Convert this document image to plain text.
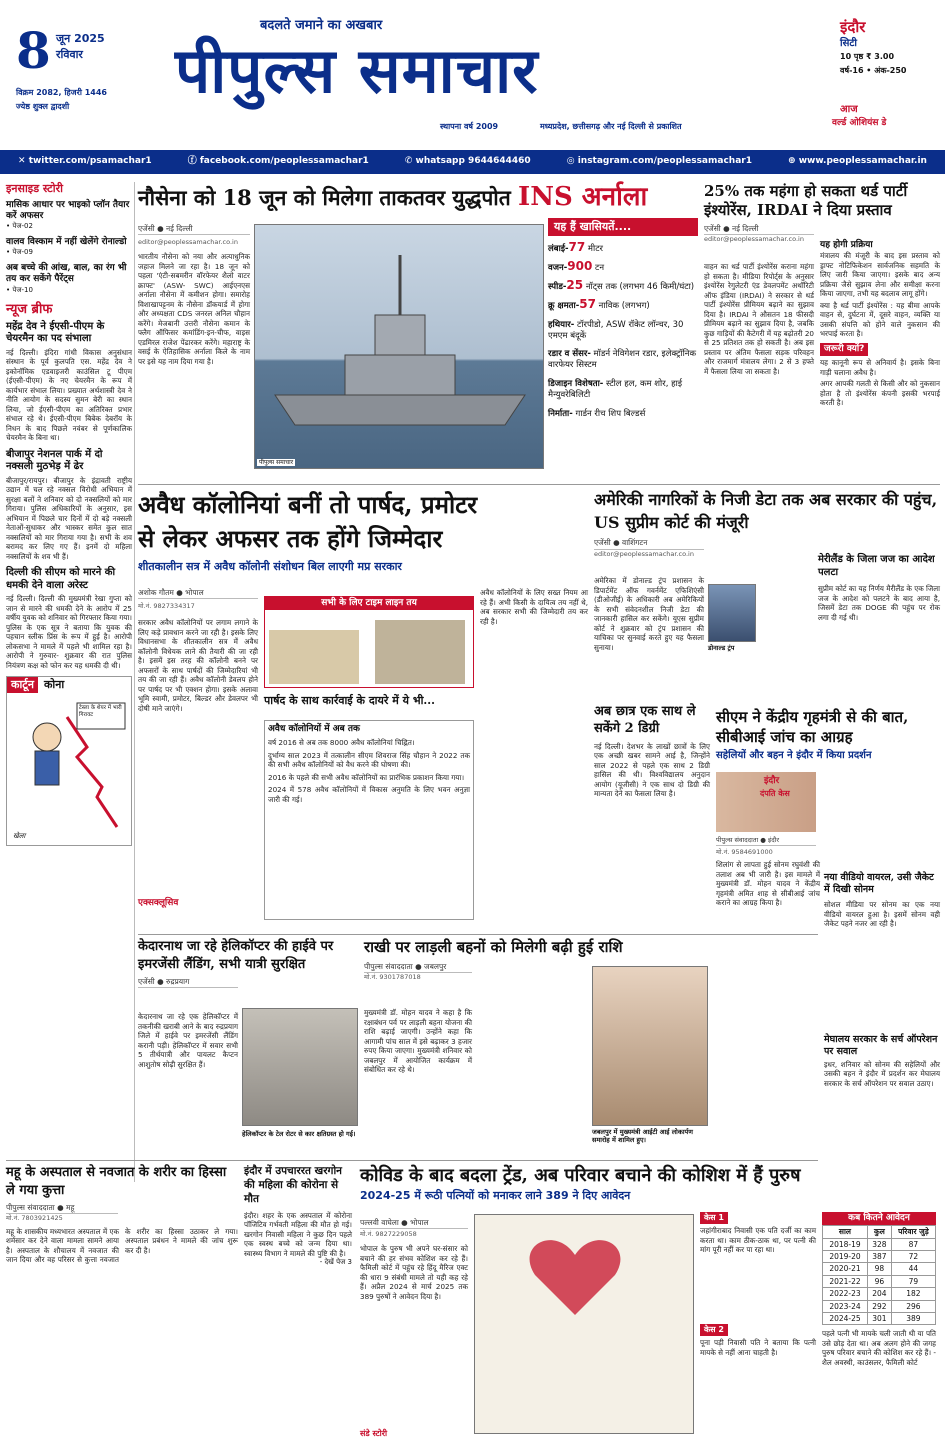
8 जून 2025
रविवार
विक्रम 2082, हिजरी 1446
ज्येष्ठ शुक्ल द्वादशी
बदलते जमाने का अखबार
पीपुल्स समाचार
स्थापना वर्ष 2009	मध्यप्रदेश, छत्तीसगढ़ और नई दिल्ली से प्रकाशित
इंदौर
सिटी
10 पृष्ठ ₹ 3.00
वर्ष-16 • अंक-250
आज
वर्ल्ड ओशियंस डे
✕ twitter.com/psamachar1	ⓕ facebook.com/peoplessamachar1	✆ whatsapp 9644644460	◎ instagram.com/peoplessamachar1	⊕ www.peoplessamachar.in
इनसाइड स्टोरी
मासिक आधार पर भाइको प्लॉन तैयार करें अफसर
• पेज-02
वालव विस्काम में नहीं खेलेंगे रोनाल्डो
• पेज-09
अब बच्चे की आंख, बाल, का रंग भी तय कर सकेंगे पैरेंट्स
• पेज-10
न्यूज ब्रीफ
महेंद्र देव ने ईएसी-पीएम के चेयरमैन का पद संभाला

नई दिल्ली। इंदिरा गांधी विकास अनुसंधान संस्थान के पूर्व कुलपति एस. महेंद्र देव ने इकोनॉमिक एडवाइजरी काउंसिल टू पीएम (ईएसी-पीएम) के नए चेयरमैन के रूप में कार्यभार संभाल लिया। प्रख्यात अर्थशास्त्री देव ने नीति आयोग के सदस्य सुमन बेरी का स्थान लिया, जो ईएसी-पीएम का अतिरिक्त प्रभार संभाल रहे थे। ईएसी-पीएम बिबेक देबरॉय के निधन के बाद पिछले नवंबर से पूर्णकालिक चेयरमैन के बिना था।

बीजापुर नेशनल पार्क में दो नक्सली मुठभेड़ में ढेर

बीजापुर/रायपुर। बीजापुर के इंद्रावती राष्ट्रीय उद्यान में चल रहे नक्सल विरोधी अभियान में सुरक्षा बलों ने शनिवार को दो नक्सलियों को मार गिराया। पुलिस अधिकारियों के अनुसार, इस अभियान में पिछले चार दिनों में दो बड़े नक्सली नेताओं-सुधाकर और भास्कर समेत कुल सात नक्सलियों को मार गिराया गया है। सभी के शव बरामद कर लिए गए हैं। इनमें दो महिला नक्सलियों के शव भी हैं।

दिल्ली की सीएम को मारने की धमकी देने वाला अरेस्ट

नई दिल्ली। दिल्ली की मुख्यमंत्री रेखा गुप्ता को जान से मारने की धमकी देने के आरोप में 25 वर्षीय युवक को शनिवार को गिरफ्तार किया गया। पुलिस के एक सूत्र ने बताया कि युवक की पहचान स्लीक प्रिंस के रूप में हुई है। आरोपी लोकसभा ने मामले में पहले भी शामिल रहा है। आरोपी ने गुरुवार- शुक्रवार की रात पुलिस नियंत्रण कक्ष को फोन कर यह धमकी दी थी।

कार्टून कोना
टेस्ला के शेयर में भारी गिरावट
खेला
नौसेना को 18 जून को मिलेगा ताकतवर युद्धपोत INS अर्नाला
एजेंसी ● नई दिल्ली
editor@peoplessamachar.co.in

भारतीय नौसेना को नया और अत्याधुनिक जहाज मिलने जा रहा है। 18 जून को पहला 'एंटी-सबमरीन वॉरफेयर शैलो वाटर क्राफ्ट' (ASW- SWC) आईएनएस अर्नाला नौसेना में कमीशन होगा। समारोह विशाखापट्टनम के नौसेना डॉकयार्ड में होगा और अध्यक्षता CDS जनरल अनिल चौहान करेंगे। मेजबानी उत्तरी नौसेना कमान के फ्लैग ऑफिसर कमांडिंग-इन-चीफ, वाइस एडमिरल राजेश पेंढारकर करेंगे। महाराष्ट्र के वसई के ऐतिहासिक अर्नाला किले के नाम पर इसे यह नाम दिया गया है।

पीपुल्स समाचार
यह हैं खासियतें....
लंबाई-77 मीटर
वजन-900 टन
स्पीड-25 नॉट्स तक (लगभग 46 किमी/घंटा)
क्रू क्षमता-57 नाविक (लगभग)
हथियार- टॉरपीडो, ASW रॉकेट लॉन्चर, 30 एमएम बंदूकें
रडार व सेंसर- मॉडर्न नेविगेशन रडार, इलेक्ट्रॉनिक वारफेयर सिस्टम
डिजाइन विशेषता- स्टील हल, कम शोर, हाई मैन्युवरेबिलिटी
निर्माता- गार्डन रीच शिप बिल्डर्स
25% तक महंगा हो सकता थर्ड पार्टी इंश्योरेंस, IRDAI ने दिया प्रस्ताव
एजेंसी ● नई दिल्ली
editor@peoplessamachar.co.in

वाहन का थर्ड पार्टी इंश्योरेंस कराना महंगा हो सकता है। मीडिया रिपोर्ट्स के अनुसार इंश्योरेंस रेगुलेटरी एंड डेवलपमेंट अथॉरिटी ऑफ इंडिया (IRDAI) ने सरकार से थर्ड पार्टी इंश्योरेंस प्रीमियम बढ़ाने का सुझाव दिया है। IRDAI ने औसतन 18 फीसदी प्रीमियम बढ़ाने का सुझाव दिया है, जबकि कुछ गाड़ियों की कैटेगरी में यह बढ़ोतरी 20 से 25 प्रतिशत तक हो सकती है। अब इस प्रस्ताव पर अंतिम फैसला सड़क परिवहन और राजमार्ग मंत्रालय लेगा। 2 से 3 हफ्ते में फैसला लिया जा सकता है।

यह होगी प्रक्रिया

मंत्रालय की मंजूरी के बाद इस प्रस्ताव को ड्राफ्ट नोटिफिकेशन सार्वजनिक सहमति के लिए जारी किया जाएगा। इसके बाद अन्य प्रक्रिया जैसे सुझाव लेना और समीक्षा करना किया जाएगा, तभी यह बदलाव लागू होंगे।

क्या है थर्ड पार्टी इंश्योरेंस : यह बीमा आपके वाहन से, दुर्घटना में, दूसरे वाहन, व्यक्ति या उसकी संपत्ति को होने वाले नुकसान की भरपाई करता है।

जरूरी क्यों?

यह कानूनी रूप से अनिवार्य है। इसके बिना गाड़ी चलाना अवैध है।

अगर आपकी गलती से किसी और को नुकसान होता है तो इंश्योरेंस कंपनी इसकी भरपाई करती है।

अवैध कॉलोनियां बनीं तो पार्षद, प्रमोटर
से लेकर अफसर तक होंगे जिम्मेदार
शीतकालीन सत्र में अवैध कॉलोनी संशोधन बिल लाएगी मप्र सरकार
अशोक गौतम ● भोपाल
मो.नं. 9827334317

सरकार अवैध कॉलोनियों पर लगाम लगाने के लिए कड़े प्रावधान करने जा रही है। इसके लिए विधानसभा के शीतकालीन सत्र में अवैध कॉलोनी विधेयक लाने की तैयारी की जा रही है। इसमें इस तरह की कॉलोनी बनने पर अफसरों के साथ पार्षदों की जिम्मेदारियां भी तय की जा रही हैं। अवैध कॉलोनी डेवलप होने पर पार्षद पर भी एक्शन होगा। इसके अलावा भूमि स्वामी, प्रमोटर, बिल्डर और डेवलपर भी दोषी माने जाएंगे।

एक्सक्लूसिव
सभी के लिए टाइम लाइन तय
पार्षद के साथ कार्रवाई के दायरे में ये भी...
अवैध कॉलोनियों में अब तक

वर्ष 2016 से अब तक 8000 अवैध कॉलोनियां चिह्नित।

दुर्भाग्य साल 2023 में तत्कालीन सीएम शिवराज सिंह चौहान ने 2022 तक की सभी अवैध कॉलोनियों को वैध करने की घोषणा की।

2016 के पहले की सभी अवैध कॉलोनियों का प्रारंभिक प्रकाशन किया गया।

2024 में 578 अवैध कॉलोनियों में विकास अनुमति के लिए भवन अनुज्ञा जारी की गई।

अवैध कॉलोनियों के लिए सख्त नियम आ रहे हैं। अभी किसी के दायित्व तय नहीं थे, अब सरकार सभी की जिम्मेदारी तय कर रही है।

अमेरिकी नागरिकों के निजी डेटा तक अब सरकार की पहुंच, US सुप्रीम कोर्ट की मंजूरी
एजेंसी ● वाशिंगटन
editor@peoplessamachar.co.in

अमेरिका में डोनाल्ड ट्रंप प्रशासन के डिपार्टमेंट ऑफ गवर्नमेंट एफिशिएंसी (डीओजीई) के अधिकारी अब अमेरिकियों के सभी संवेदनशील निजी डेटा की जानकारी हासिल कर सकेंगे। यूएस सुप्रीम कोर्ट ने शुक्रवार को ट्रंप प्रशासन की याचिका पर सुनवाई करते हुए यह फैसला सुनाया।	डोनाल्ड ट्रंप
मेरीलैंड के जिला जज का आदेश पलटा

सुप्रीम कोर्ट का यह निर्णय मैरीलैंड के एक जिला जज के आदेश को पलटने के बाद आया है, जिसमें डेटा तक DOGE की पहुंच पर रोक लगा दी गई थी।

अब छात्र एक साथ ले सकेंगे 2 डिग्री

नई दिल्ली। देशभर के लाखों छात्रों के लिए एक अच्छी खबर सामने आई है, जिन्होंने साल 2022 से पहले एक साथ 2 डिग्री हासिल की थी। विश्वविद्यालय अनुदान आयोग (यूजीसी) ने एक साथ दो डिग्री की मान्यता देने का फैसला लिया है।

सीएम ने केंद्रीय गृहमंत्री से की बात, सीबीआई जांच का आग्रह
सहेलियों और बहन ने इंदौर में किया प्रदर्शन
इंदौर
दंपति केस
पीपुल्स संवाददाता ● इंदौर
मो.नं. 9584691000

शिलांग से लापता हुई सोनम रघुवंशी की तलाश अब भी जारी है। इस मामले में मुख्यमंत्री डॉ. मोहन यादव ने केंद्रीय गृहमंत्री अमित शाह से सीबीआई जांच कराने का आग्रह किया है।

नया वीडियो वायरल, उसी जैकेट में दिखी सोनम

सोशल मीडिया पर सोनम का एक नया वीडियो वायरल हुआ है। इसमें सोनम वही जैकेट पहने नजर आ रही है।

मेघालय सरकार के सर्च ऑपरेशन पर सवाल

इधर, शनिवार को सोनम की सहेलियों और उसकी बहन ने इंदौर में प्रदर्शन कर मेघालय सरकार के सर्च ऑपरेशन पर सवाल उठाए।

केदारनाथ जा रहे हेलिकॉप्टर की हाईवे पर इमरजेंसी लैंडिंग, सभी यात्री सुरक्षित
एजेंसी ● रुद्रप्रयाग

केदारनाथ जा रहे एक हेलिकॉप्टर में तकनीकी खराबी आने के बाद रुद्रप्रयाग जिले में हाईवे पर इमरजेंसी लैंडिंग करानी पड़ी। हेलिकॉप्टर में सवार सभी 5 तीर्थयात्री और पायलट कैप्टन आशुतोष सोढ़ी सुरक्षित हैं।

हेलिकॉप्टर के टेल रोटर से कार क्षतिग्रस्त हो गई।
राखी पर लाड़ली बहनों को मिलेगी बढ़ी हुई राशि
पीपुल्स संवाददाता ● जबलपुर
मो.नं. 9301787018

मुख्यमंत्री डॉ. मोहन यादव ने कहा है कि रक्षाबंधन पर्व पर लाड़ली बहना योजना की राशि बढ़ाई जाएगी। उन्होंने कहा कि आगामी पांच साल में इसे बढ़ाकर 3 हजार रुपए किया जाएगा। मुख्यमंत्री शनिवार को जबलपुर में आयोजित कार्यक्रम में संबोधित कर रहे थे।

जबलपुर में मुख्यमंत्री आईटी आई लोकार्पण समारोह में शामिल हुए।
महू के अस्पताल से नवजात के शरीर का हिस्सा ले गया कुत्ता
पीपुल्स संवाददाता ● महू
मो.नं. 7803921425

महू के शासकीय मध्यभारत अस्पताल में एक शर्मसार कर देने वाला मामला सामने आया है। अस्पताल के शौचालय में नवजात की जान दिया और वह परिसर से कुत्ता नवजात के शरीर का हिस्सा उठाकर ले गया। अस्पताल प्रबंधन ने मामले की जांच शुरू कर दी है।

इंदौर में उपचाररत खरगोन की महिला की कोरोना से मौत

इंदौर। शहर के एक अस्पताल में कोरोना पॉजिटिव गर्भवती महिला की मौत हो गई। खरगोन निवासी महिला ने कुछ दिन पहले एक स्वस्थ बच्चे को जन्म दिया था। स्वास्थ्य विभाग ने मामले की पुष्टि की है।

- देखें पेज 3
कोविड के बाद बदला ट्रेंड, अब परिवार बचाने की कोशिश में हैं पुरुष
2024-25 में रूठी पत्नियों को मनाकर लाने 389 ने दिए आवेदन
पल्लवी वाघेला ● भोपाल
मो.नं. 9827229058

भोपाल के पुरुष भी अपने घर-संसार को बचाने की हर संभव कोशिश कर रहे हैं। फैमिली कोर्ट में पहुंच रहे हिंदू मैरिज एक्ट की धारा 9 संबंधी मामले तो यही कह रहे हैं। अप्रैल 2024 से मार्च 2025 तक 389 पुरुषों ने आवेदन दिया है।

संडे स्टोरी
केस 1

जहांगीराबाद निवासी एक पति दर्जी का काम करता था। काम ठीक-ठाक था, पर पत्नी की मांग पूरी नहीं कर पा रहा था।

केस 2

पूना पड़ी निवासी पति ने बताया कि पत्नी मायके से नहीं आना चाहती है।

कब कितने आवेदन
साल	कुल	परिवार जुड़े
2018-19	328	87
2019-20	387	72
2020-21	98	44
2021-22	96	79
2022-23	204	182
2023-24	292	296
2024-25	301	389

पहले पत्नी भी मायके चली जाती थी या पति उसे छोड़ देता था। अब अलग होने की जगह पुरुष परिवार बचाने की कोशिश कर रहे हैं। - शैल अवस्थी, काउंसलर, फैमिली कोर्ट
